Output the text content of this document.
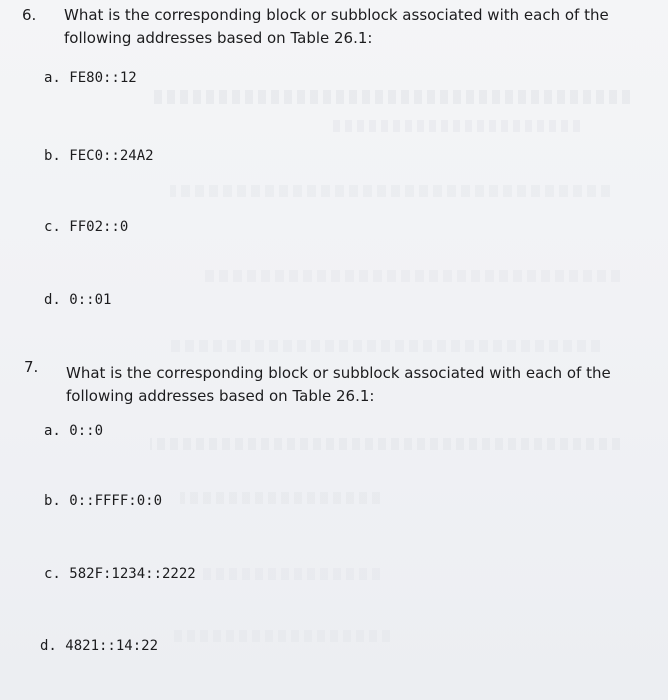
6. What is the corresponding block or subblock associated with each of the
following addresses based on Table 26.1:
a. FE80::12
b. FEC0::24A2
c. FF02::0
d. 0::01
7. What is the corresponding block or subblock associated with each of the
following addresses based on Table 26.1:
a. 0::0
b. 0::FFFF:0:0
c. 582F:1234::2222
d. 4821::14:22
